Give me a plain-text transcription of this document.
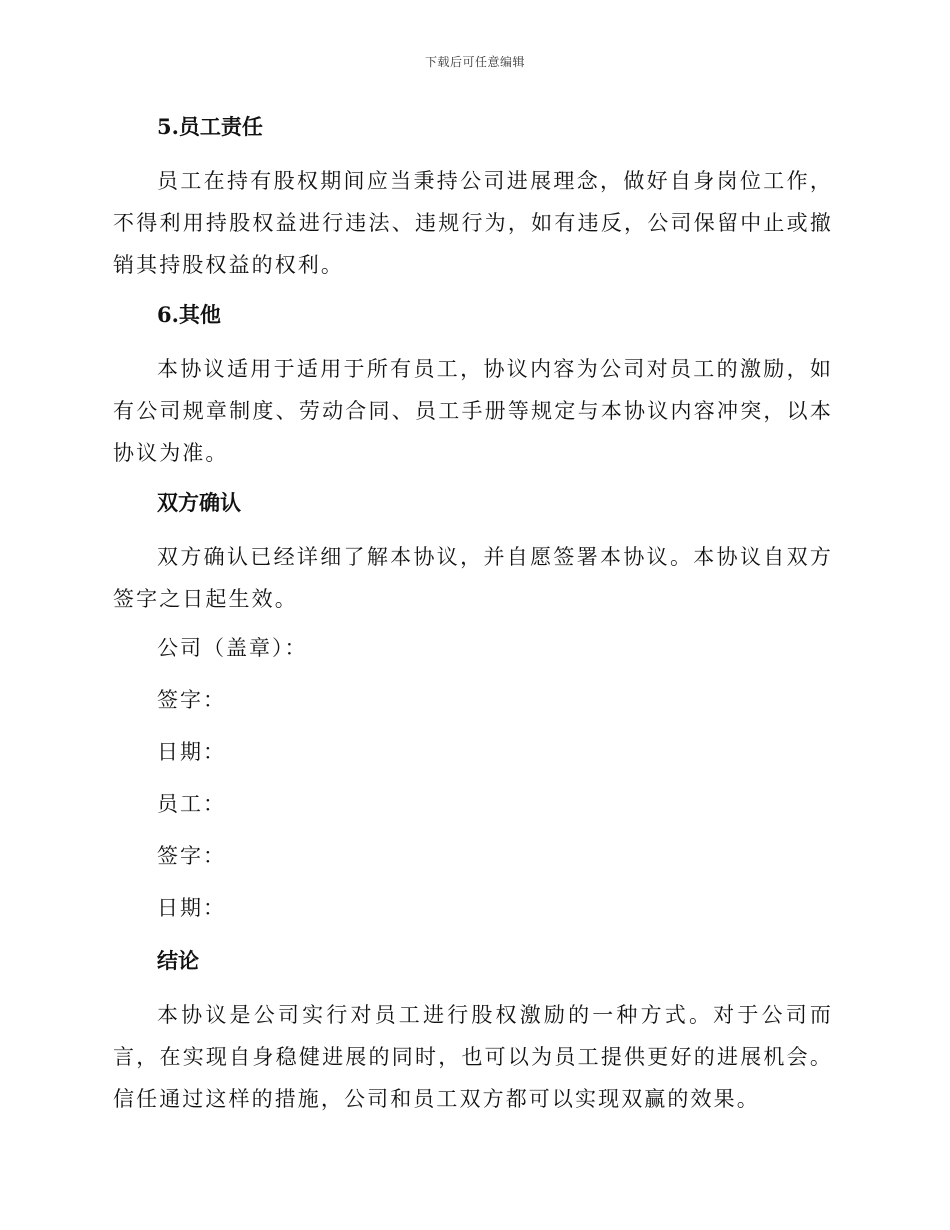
下载后可任意编辑
5.员工责任

员工在持有股权期间应当秉持公司进展理念，做好自身岗位工作，不得利用持股权益进行违法、违规行为，如有违反，公司保留中止或撤销其持股权益的权利。

6.其他

本协议适用于适用于所有员工，协议内容为公司对员工的激励，如有公司规章制度、劳动合同、员工手册等规定与本协议内容冲突，以本协议为准。

双方确认

双方确认已经详细了解本协议，并自愿签署本协议。本协议自双方签字之日起生效。

公司（盖章）：
签字：
日期：
员工：
签字：
日期：
结论

本协议是公司实行对员工进行股权激励的一种方式。对于公司而言，在实现自身稳健进展的同时，也可以为员工提供更好的进展机会。信任通过这样的措施，公司和员工双方都可以实现双赢的效果。
